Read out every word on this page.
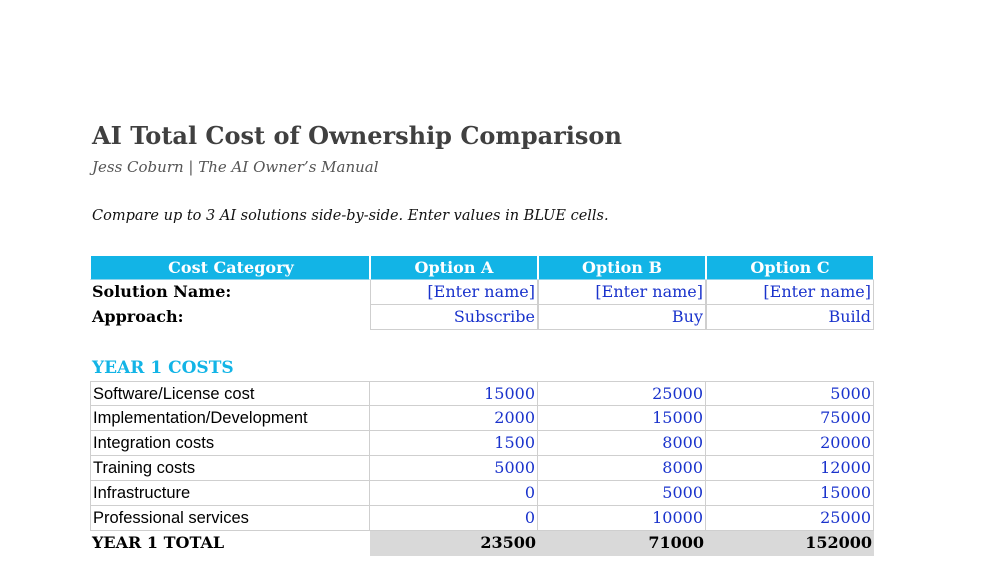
AI Total Cost of Ownership Comparison
Jess Coburn | The AI Owner’s Manual
Compare up to 3 AI solutions side-by-side. Enter values in BLUE cells.
Cost Category	Option A	Option B	Option C
Solution Name:	[Enter name]	[Enter name]	[Enter name]
Approach:	Subscribe	Buy	Build
YEAR 1 COSTS
Software/License cost	15000	25000	5000
Implementation/Development	2000	15000	75000
Integration costs	1500	8000	20000
Training costs	5000	8000	12000
Infrastructure	0	5000	15000
Professional services	0	10000	25000
YEAR 1 TOTAL	23500	71000	152000
